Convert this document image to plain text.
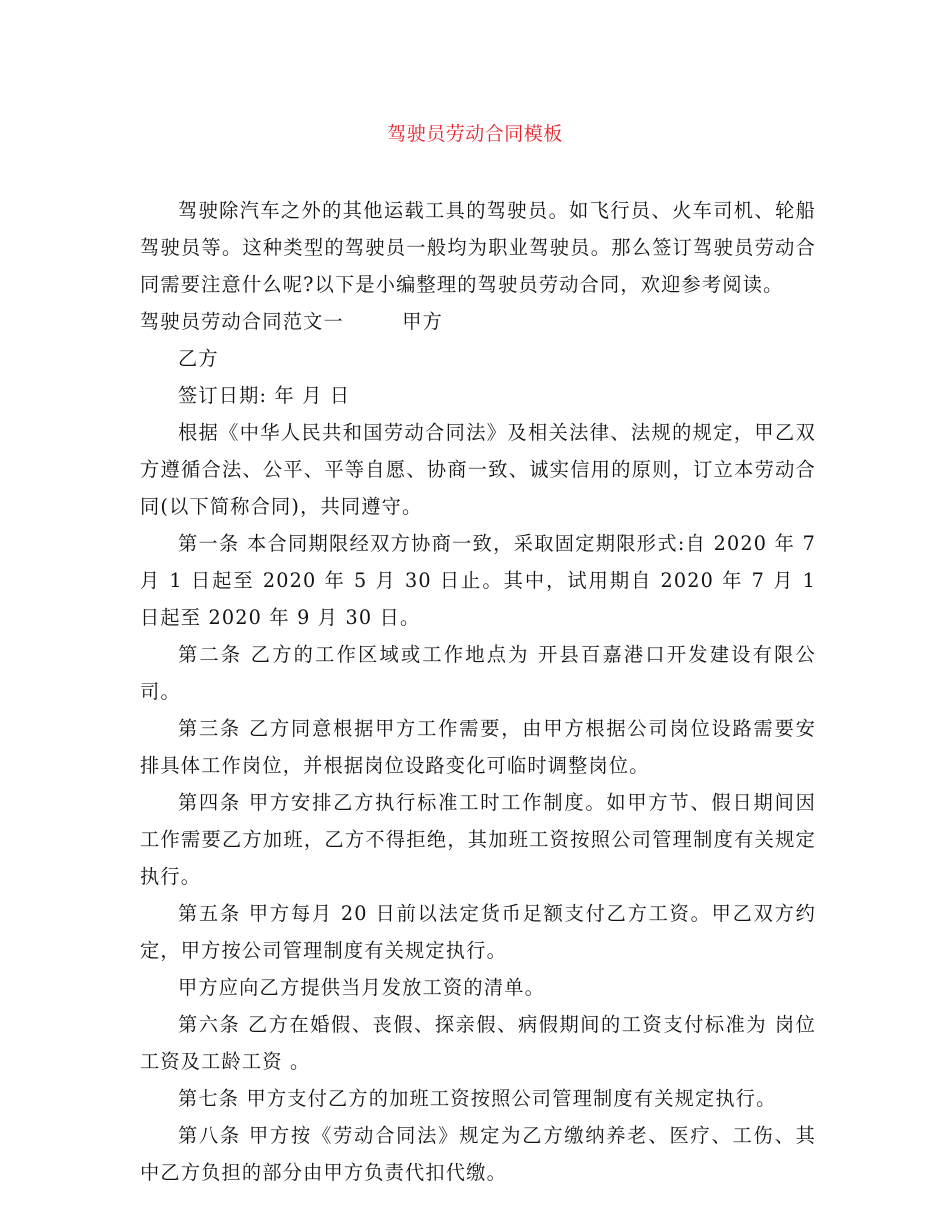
驾驶员劳动合同模板

驾驶除汽车之外的其他运载工具的驾驶员。如飞行员、火车司机、轮船驾驶员等。这种类型的驾驶员一般均为职业驾驶员。那么签订驾驶员劳动合同需要注意什么呢?以下是小编整理的驾驶员劳动合同，欢迎参考阅读。

驾驶员劳动合同范文一        甲方

乙方

签订日期: 年 月 日

根据《中华人民共和国劳动合同法》及相关法律、法规的规定，甲乙双方遵循合法、公平、平等自愿、协商一致、诚实信用的原则，订立本劳动合同(以下简称合同)，共同遵守。

第一条 本合同期限经双方协商一致，采取固定期限形式:自 2020 年 7 月 1 日起至 2020 年 5 月 30 日止。其中，试用期自 2020 年 7 月 1 日起至 2020 年 9 月 30 日。

第二条 乙方的工作区域或工作地点为 开县百嘉港口开发建设有限公司。

第三条 乙方同意根据甲方工作需要，由甲方根据公司岗位设路需要安排具体工作岗位，并根据岗位设路变化可临时调整岗位。

第四条 甲方安排乙方执行标准工时工作制度。如甲方节、假日期间因工作需要乙方加班，乙方不得拒绝，其加班工资按照公司管理制度有关规定执行。

第五条 甲方每月 20 日前以法定货币足额支付乙方工资。甲乙双方约定，甲方按公司管理制度有关规定执行。

甲方应向乙方提供当月发放工资的清单。

第六条 乙方在婚假、丧假、探亲假、病假期间的工资支付标准为 岗位工资及工龄工资 。

第七条 甲方支付乙方的加班工资按照公司管理制度有关规定执行。

第八条 甲方按《劳动合同法》规定为乙方缴纳养老、医疗、工伤、其中乙方负担的部分由甲方负责代扣代缴。
